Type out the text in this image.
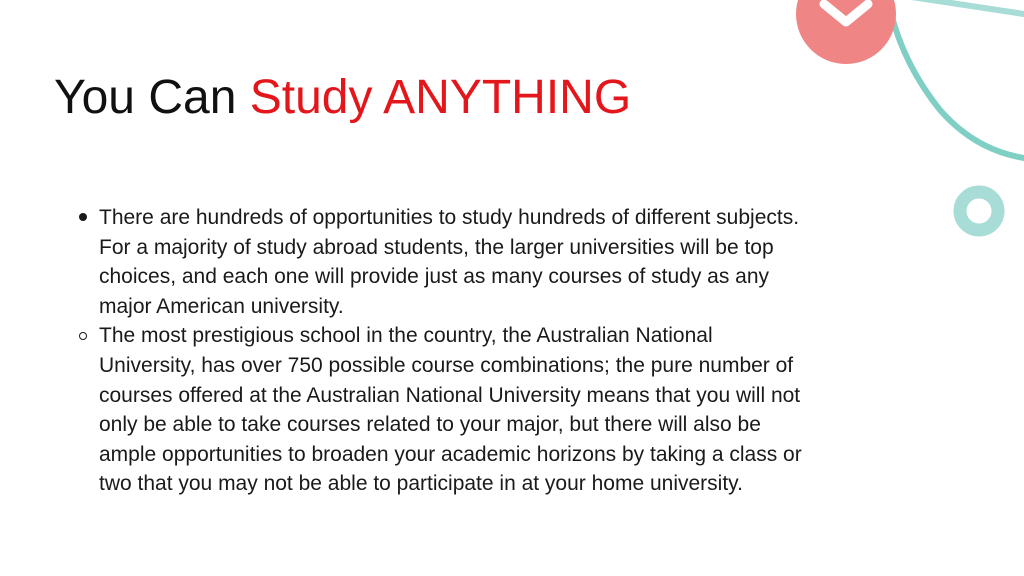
You Can Study ANYTHING
There are hundreds of opportunities to study hundreds of different subjects. For a majority of study abroad students, the larger universities will be top choices, and each one will provide just as many courses of study as any major American university.
The most prestigious school in the country, the Australian National University, has over 750 possible course combinations; the pure number of courses offered at the Australian National University means that you will not only be able to take courses related to your major, but there will also be ample opportunities to broaden your academic horizons by taking a class or two that you may not be able to participate in at your home university.
